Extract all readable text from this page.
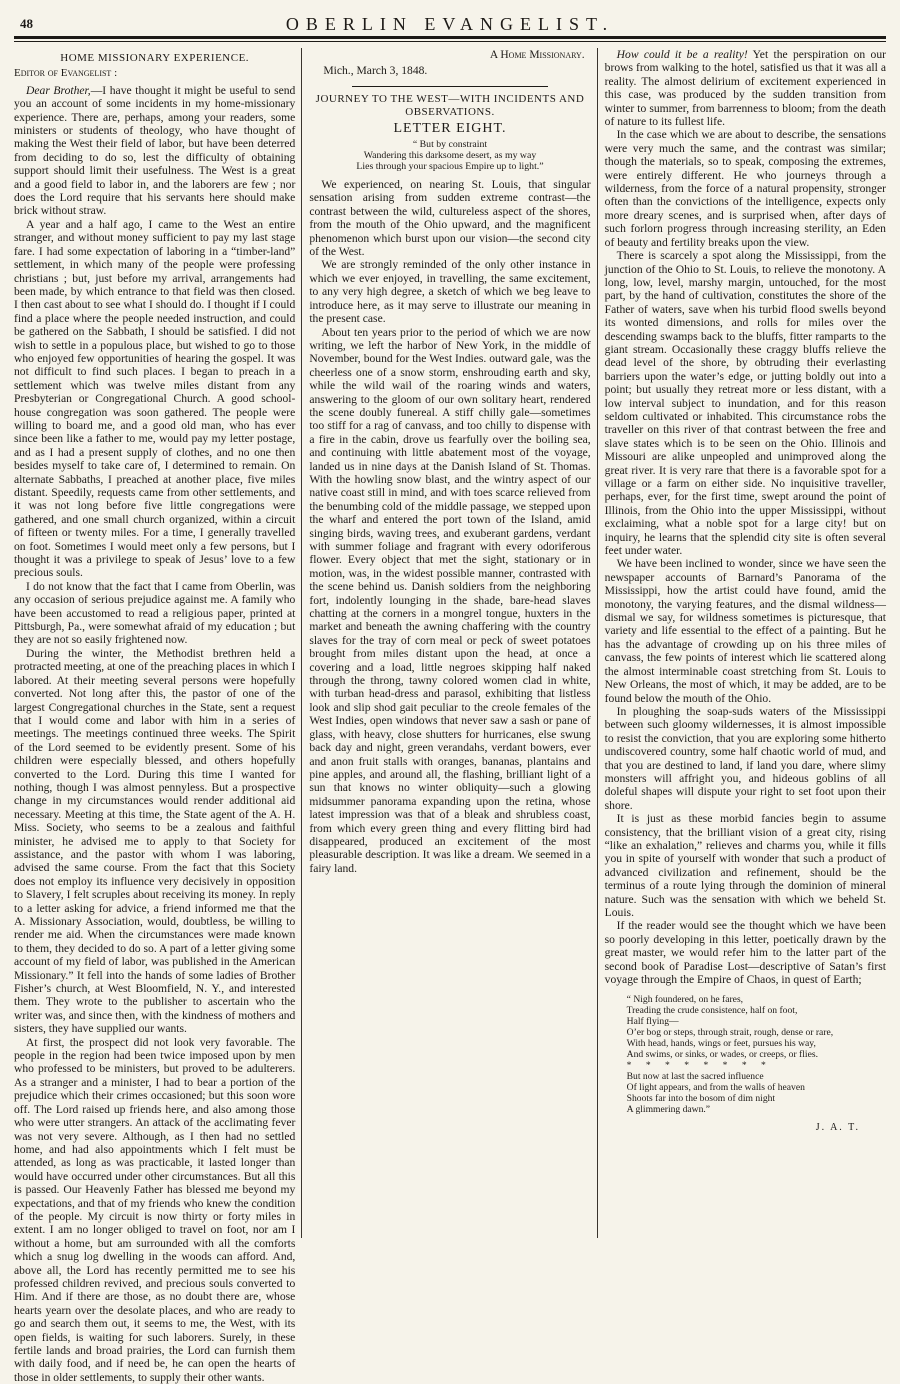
48	OBERLIN EVANGELIST.
HOME MISSIONARY EXPERIENCE.
Editor of Evangelist :

Dear Brother,—I have thought it might be useful to send you an account of some incidents in my home-missionary experience. There are, perhaps, among your readers, some ministers or students of theology, who have thought of making the West their field of labor, but have been deterred from deciding to do so, lest the difficulty of obtaining support should limit their usefulness. The West is a great and a good field to labor in, and the laborers are few ; nor does the Lord require that his servants here should make brick without straw.

A year and a half ago, I came to the West an entire stranger, and without money sufficient to pay my last stage fare. I had some expectation of laboring in a “timber-land” settlement, in which many of the people were professing christians ; but, just before my arrival, arrangements had been made, by which entrance to that field was then closed. I then cast about to see what I should do. I thought if I could find a place where the people needed instruction, and could be gathered on the Sabbath, I should be satisfied. I did not wish to settle in a populous place, but wished to go to those who enjoyed few opportunities of hearing the gospel. It was not difficult to find such places. I began to preach in a settlement which was twelve miles distant from any Presbyterian or Congregational Church. A good school-house congregation was soon gathered. The people were willing to board me, and a good old man, who has ever since been like a father to me, would pay my letter postage, and as I had a present supply of clothes, and no one then besides myself to take care of, I determined to remain. On alternate Sabbaths, I preached at another place, five miles distant. Speedily, requests came from other settlements, and it was not long before five little congregations were gathered, and one small church organized, within a circuit of fifteen or twenty miles. For a time, I generally travelled on foot. Sometimes I would meet only a few persons, but I thought it was a privilege to speak of Jesus’ love to a few precious souls.

I do not know that the fact that I came from Oberlin, was any occasion of serious prejudice against me. A family who have been accustomed to read a religious paper, printed at Pittsburgh, Pa., were somewhat afraid of my education ; but they are not so easily frightened now.

During the winter, the Methodist brethren held a protracted meeting, at one of the preaching places in which I labored. At their meeting several persons were hopefully converted. Not long after this, the pastor of one of the largest Congregational churches in the State, sent a request that I would come and labor with him in a series of meetings. The meetings continued three weeks. The Spirit of the Lord seemed to be evidently present. Some of his children were especially blessed, and others hopefully converted to the Lord. During this time I wanted for nothing, though I was almost pennyless. But a prospective change in my circumstances would render additional aid necessary. Meeting at this time, the State agent of the A. H. Miss. Society, who seems to be a zealous and faithful minister, he advised me to apply to that Society for assistance, and the pastor with whom I was laboring, advised the same course. From the fact that this Society does not employ its influence very decisively in opposition to Slavery, I felt scruples about receiving its money. In reply to a letter asking for advice, a friend informed me that the A. Missionary Association, would, doubtless, be willing to render me aid. When the circumstances were made known to them, they decided to do so. A part of a letter giving some account of my field of labor, was published in the American Missionary.” It fell into the hands of some ladies of Brother Fisher’s church, at West Bloomfield, N. Y., and interested them. They wrote to the publisher to ascertain who the writer was, and since then, with the kindness of mothers and sisters, they have supplied our wants.

At first, the prospect did not look very favorable. The people in the region had been twice imposed upon by men who professed to be ministers, but proved to be adulterers. As a stranger and a minister, I had to bear a portion of the prejudice which their crimes occasioned; but this soon wore off. The Lord raised up friends here, and also among those who were utter strangers. An attack of the acclimating fever was not very severe. Although, as I then had no settled home, and had also appointments which I felt must be attended, as long as was practicable, it lasted longer than would have occurred under other circumstances. But all this is passed. Our Heavenly Father has blessed me beyond my expectations, and that of my friends who knew the condition of the people. My circuit is now thirty or forty miles in extent. I am no longer obliged to travel on foot, nor am I without a home, but am surrounded with all the comforts which a snug log dwelling in the woods can afford. And, above all, the Lord has recently permitted me to see his professed children revived, and precious souls converted to Him. And if there are those, as no doubt there are, whose hearts yearn over the desolate places, and who are ready to go and search them out, it seems to me, the West, with its open fields, is waiting for such laborers. Surely, in these fertile lands and broad prairies, the Lord can furnish them with daily food, and if need be, he can open the hearts of those in older settlements, to supply their other wants.

A Home Missionary.
Mich., March 3, 1848.
JOURNEY TO THE WEST—WITH INCIDENTS AND OBSERVATIONS.
LETTER EIGHT.
“ But by constraint
Wandering this darksome desert, as my way
Lies through your spacious Empire up to light.”

We experienced, on nearing St. Louis, that singular sensation arising from sudden extreme contrast—the contrast between the wild, cultureless aspect of the shores, from the mouth of the Ohio upward, and the magnificent phenomenon which burst upon our vision—the second city of the West.

We are strongly reminded of the only other instance in which we ever enjoyed, in travelling, the same excitement, to any very high degree, a sketch of which we beg leave to introduce here, as it may serve to illustrate our meaning in the present case.

About ten years prior to the period of which we are now writing, we left the harbor of New York, in the middle of November, bound for the West Indies. outward gale, was the cheerless one of a snow storm, enshrouding earth and sky, while the wild wail of the roaring winds and waters, answering to the gloom of our own solitary heart, rendered the scene doubly funereal. A stiff chilly gale—sometimes too stiff for a rag of canvass, and too chilly to dispense with a fire in the cabin, drove us fearfully over the boiling sea, and continuing with little abatement most of the voyage, landed us in nine days at the Danish Island of St. Thomas. With the howling snow blast, and the wintry aspect of our native coast still in mind, and with toes scarce relieved from the benumbing cold of the middle passage, we stepped upon the wharf and entered the port town of the Island, amid singing birds, waving trees, and exuberant gardens, verdant with summer foliage and fragrant with every odoriferous flower. Every object that met the sight, stationary or in motion, was, in the widest possible manner, contrasted with the scene behind us. Danish soldiers from the neighboring fort, indolently lounging in the shade, bare-head slaves chatting at the corners in a mongrel tongue, huxters in the market and beneath the awning chaffering with the country slaves for the tray of corn meal or peck of sweet potatoes brought from miles distant upon the head, at once a covering and a load, little negroes skipping half naked through the throng, tawny colored women clad in white, with turban head-dress and parasol, exhibiting that listless look and slip shod gait peculiar to the creole females of the West Indies, open windows that never saw a sash or pane of glass, with heavy, close shutters for hurricanes, else swung back day and night, green verandahs, verdant bowers, ever and anon fruit stalls with oranges, bananas, plantains and pine apples, and around all, the flashing, brilliant light of a sun that knows no winter obliquity—such a glowing midsummer panorama expanding upon the retina, whose latest impression was that of a bleak and shrubless coast, from which every green thing and every flitting bird had disappeared, produced an excitement of the most pleasurable description. It was like a dream. We seemed in a fairy land.

How could it be a reality! Yet the perspiration on our brows from walking to the hotel, satisfied us that it was all a reality. The almost delirium of excitement experienced in this case, was produced by the sudden transition from winter to summer, from barrenness to bloom; from the death of nature to its fullest life.

In the case which we are about to describe, the sensations were very much the same, and the contrast was similar; though the materials, so to speak, composing the extremes, were entirely different. He who journeys through a wilderness, from the force of a natural propensity, stronger often than the convictions of the intelligence, expects only more dreary scenes, and is surprised when, after days of such forlorn progress through increasing sterility, an Eden of beauty and fertility breaks upon the view.

There is scarcely a spot along the Mississippi, from the junction of the Ohio to St. Louis, to relieve the monotony. A long, low, level, marshy margin, untouched, for the most part, by the hand of cultivation, constitutes the shore of the Father of waters, save when his turbid flood swells beyond its wonted dimensions, and rolls for miles over the descending swamps back to the bluffs, fitter ramparts to the giant stream. Occasionally these craggy bluffs relieve the dead level of the shore, by obtruding their everlasting barriers upon the water’s edge, or jutting boldly out into a point; but usually they retreat more or less distant, with a low interval subject to inundation, and for this reason seldom cultivated or inhabited. This circumstance robs the traveller on this river of that contrast between the free and slave states which is to be seen on the Ohio. Illinois and Missouri are alike unpeopled and unimproved along the great river. It is very rare that there is a favorable spot for a village or a farm on either side. No inquisitive traveller, perhaps, ever, for the first time, swept around the point of Illinois, from the Ohio into the upper Mississippi, without exclaiming, what a noble spot for a large city! but on inquiry, he learns that the splendid city site is often several feet under water.

We have been inclined to wonder, since we have seen the newspaper accounts of Barnard’s Panorama of the Mississippi, how the artist could have found, amid the monotony, the varying features, and the dismal wildness—dismal we say, for wildness sometimes is picturesque, that variety and life essential to the effect of a painting. But he has the advantage of crowding up on his three miles of canvass, the few points of interest which lie scattered along the almost interminable coast stretching from St. Louis to New Orleans, the most of which, it may be added, are to be found below the mouth of the Ohio.

In ploughing the soap-suds waters of the Mississippi between such gloomy wildernesses, it is almost impossible to resist the conviction, that you are exploring some hitherto undiscovered country, some half chaotic world of mud, and that you are destined to land, if land you dare, where slimy monsters will affright you, and hideous goblins of all doleful shapes will dispute your right to set foot upon their shore.

It is just as these morbid fancies begin to assume consistency, that the brilliant vision of a great city, rising “like an exhalation,” relieves and charms you, while it fills you in spite of yourself with wonder that such a product of advanced civilization and refinement, should be the terminus of a route lying through the dominion of mineral nature. Such was the sensation with which we beheld St. Louis.

If the reader would see the thought which we have been so poorly developing in this letter, poetically drawn by the great master, we would refer him to the latter part of the second book of Paradise Lost—descriptive of Satan’s first voyage through the Empire of Chaos, in quest of Earth;

“ Nigh foundered, on he fares,
Treading the crude consistence, half on foot,
Half flying—
O’er bog or steps, through strait, rough, dense or rare,
With head, hands, wings or feet, pursues his way,
And swims, or sinks, or wades, or creeps, or flies.
* * * * * * * *
But now at last the sacred influence
Of light appears, and from the walls of heaven
Shoots far into the bosom of dim night
A glimmering dawn.”
J. A. T.
